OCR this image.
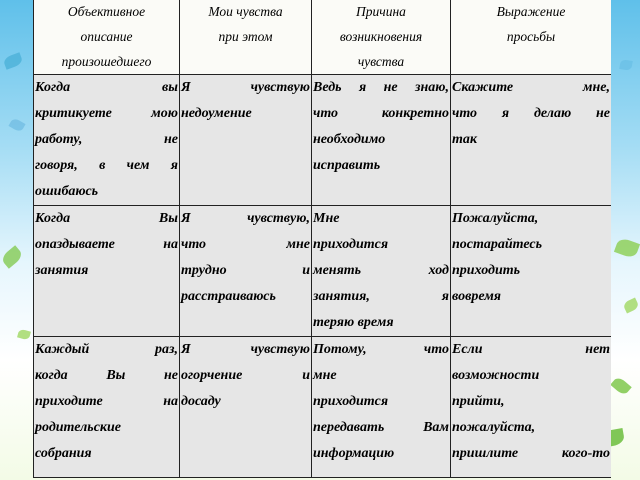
Объективное
описание
произошедшего	Мои чувства
при этом	Причина
возникновения
чувства	Выражение
просьбы

Когда вы
критикуете мою
работу, не
говоря, в чем я
ошибаюсь	Я чувствую
недоумение	Ведь я не знаю,
что конкретно
необходимо
исправить	Скажите мне,
что я делаю не
так

Когда Вы
опаздываете на
занятия	Я чувствую,
что мне
трудно и
расстраиваюсь	Мне
приходится
менять ход
занятия, я
теряю время	Пожалуйста,
постарайтесь
приходить
вовремя

Каждый раз,
когда Вы не
приходите на
родительские
собрания	Я чувствую
огорчение и
досаду	Потому, что
мне
приходится
передавать Вам
информацию	Если нет
возможности
прийти,
пожалуйста,
пришлите кого-то
